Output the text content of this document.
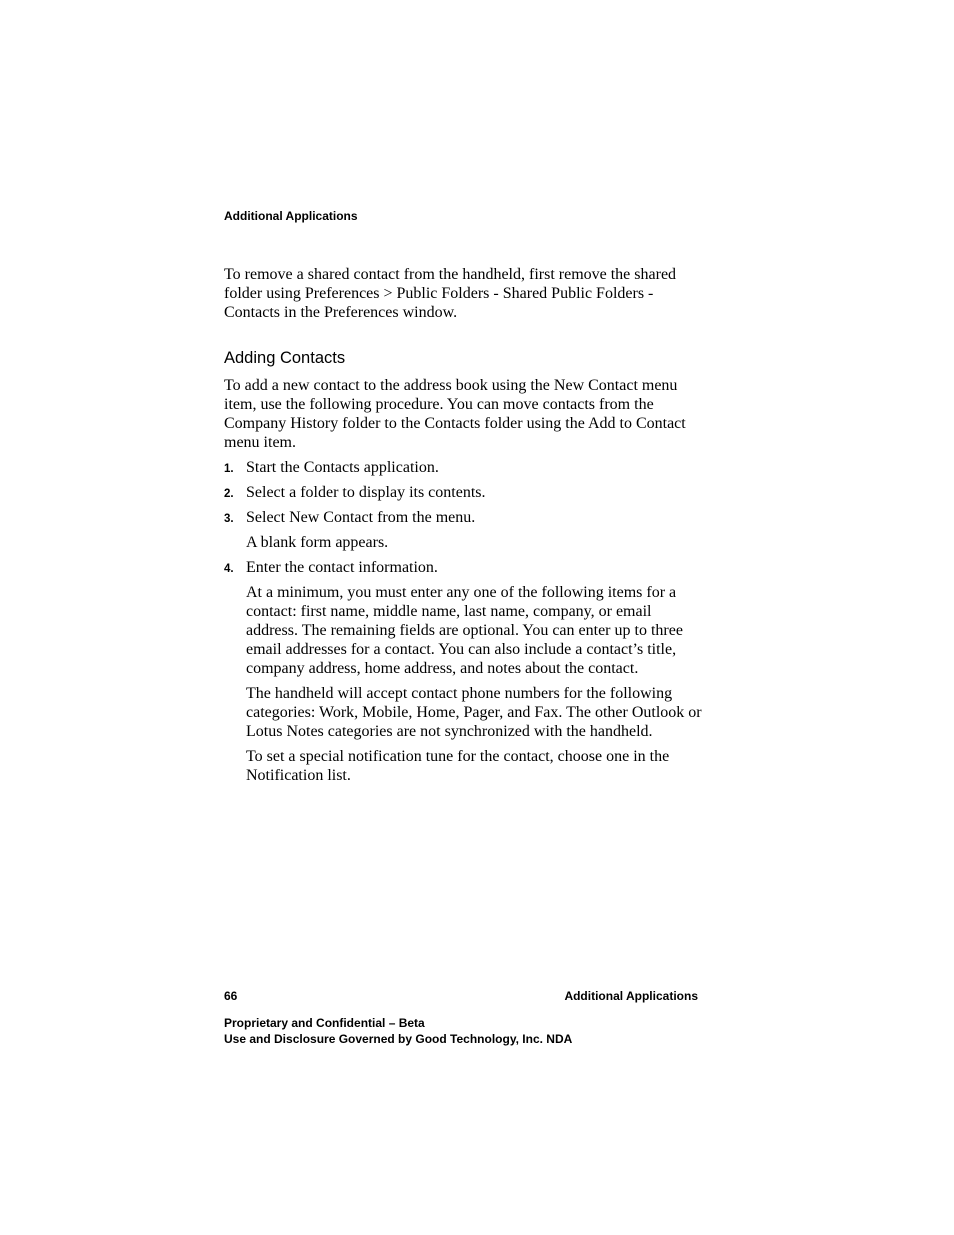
Additional Applications

To remove a shared contact from the handheld, first remove the shared folder using Preferences > Public Folders - Shared Public Folders - Contacts in the Preferences window.

Adding Contacts

To add a new contact to the address book using the New Contact menu item, use the following procedure. You can move contacts from the Company History folder to the Contacts folder using the Add to Contact menu item.

1. Start the Contacts application.
2. Select a folder to display its contents.
3. Select New Contact from the menu.

A blank form appears.

4. Enter the contact information.

At a minimum, you must enter any one of the following items for a contact: first name, middle name, last name, company, or email address. The remaining fields are optional. You can enter up to three email addresses for a contact. You can also include a contact’s title, company address, home address, and notes about the contact.

The handheld will accept contact phone numbers for the following categories: Work, Mobile, Home, Pager, and Fax. The other Outlook or Lotus Notes categories are not synchronized with the handheld.

To set a special notification tune for the contact, choose one in the Notification list.

66	Additional Applications
Proprietary and Confidential – Beta
Use and Disclosure Governed by Good Technology, Inc. NDA
